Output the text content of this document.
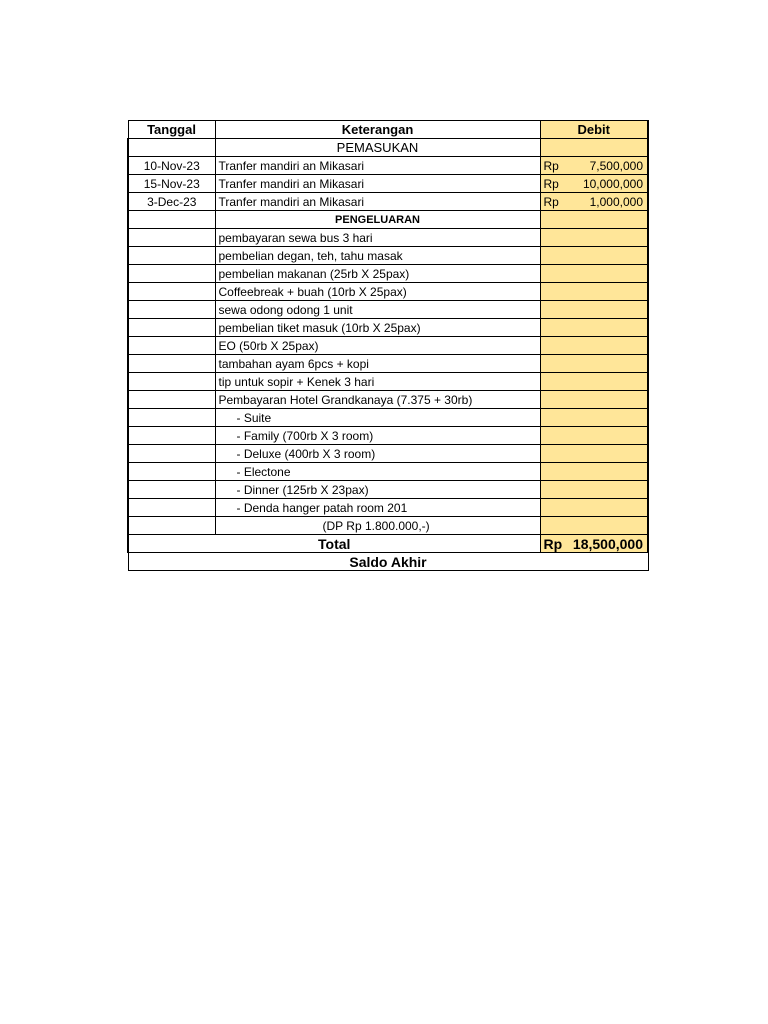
Tanggal	Keterangan	Debit
	PEMASUKAN	
10-Nov-23	Tranfer mandiri an Mikasari	Rp 7,500,000

15-Nov-23	Tranfer mandiri an Mikasari	Rp 10,000,000

3-Dec-23	Tranfer mandiri an Mikasari	Rp 1,000,000

	PENGELUARAN	
	pembayaran sewa bus 3 hari	
	pembelian degan, teh, tahu masak	
	pembelian makanan (25rb X 25pax)	
	Coffeebreak + buah (10rb X 25pax)	
	sewa odong odong 1 unit	
	pembelian tiket masuk (10rb X 25pax)	
	EO (50rb X 25pax)	
	tambahan ayam 6pcs + kopi	
	tip untuk sopir + Kenek 3 hari	
	Pembayaran Hotel Grandkanaya (7.375 + 30rb)	
	- Suite	
	- Family (700rb X 3 room)	
	- Deluxe (400rb X 3 room)	
	- Electone	
	- Dinner (125rb X 23pax)	
	- Denda hanger patah room 201	
	(DP Rp 1.800.000,-)	
Total		Rp 18,500,000

Saldo Akhir		
